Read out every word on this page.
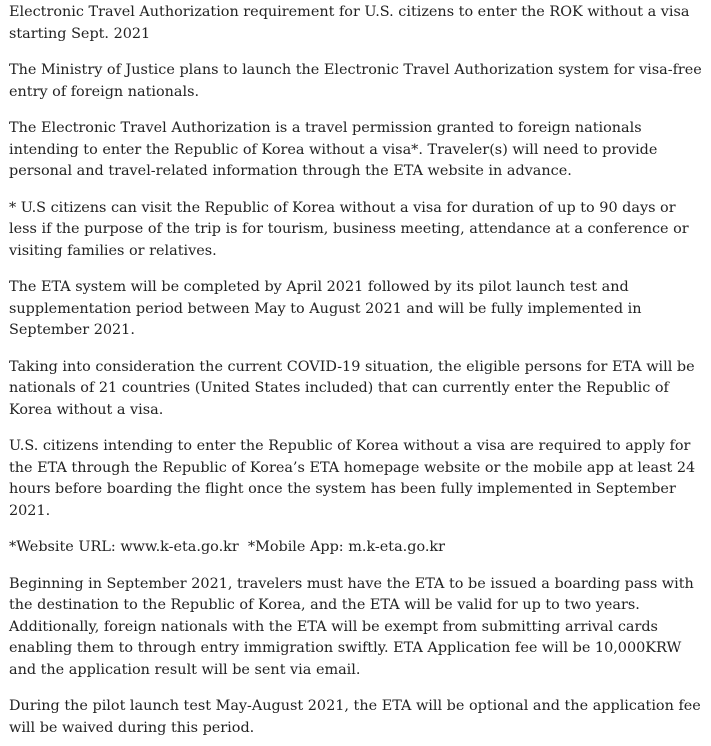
Electronic Travel Authorization requirement for U.S. citizens to enter the ROK without a visa starting Sept. 2021

The Ministry of Justice plans to launch the Electronic Travel Authorization system for visa-free entry of foreign nationals.

The Electronic Travel Authorization is a travel permission granted to foreign nationals intending to enter the Republic of Korea without a visa*. Traveler(s) will need to provide personal and travel-related information through the ETA website in advance.

* U.S citizens can visit the Republic of Korea without a visa for duration of up to 90 days or less if the purpose of the trip is for tourism, business meeting, attendance at a conference or visiting families or relatives.

The ETA system will be completed by April 2021 followed by its pilot launch test and supplementation period between May to August 2021 and will be fully implemented in September 2021.

Taking into consideration the current COVID-19 situation, the eligible persons for ETA will be nationals of 21 countries (United States included) that can currently enter the Republic of Korea without a visa.

U.S. citizens intending to enter the Republic of Korea without a visa are required to apply for the ETA through the Republic of Korea’s ETA homepage website or the mobile app at least 24 hours before boarding the flight once the system has been fully implemented in September 2021.

*Website URL: www.k-eta.go.kr  *Mobile App: m.k-eta.go.kr

Beginning in September 2021, travelers must have the ETA to be issued a boarding pass with the destination to the Republic of Korea, and the ETA will be valid for up to two years. Additionally, foreign nationals with the ETA will be exempt from submitting arrival cards enabling them to through entry immigration swiftly. ETA Application fee will be 10,000KRW and the application result will be sent via email.

During the pilot launch test May-August 2021, the ETA will be optional and the application fee will be waived during this period.
